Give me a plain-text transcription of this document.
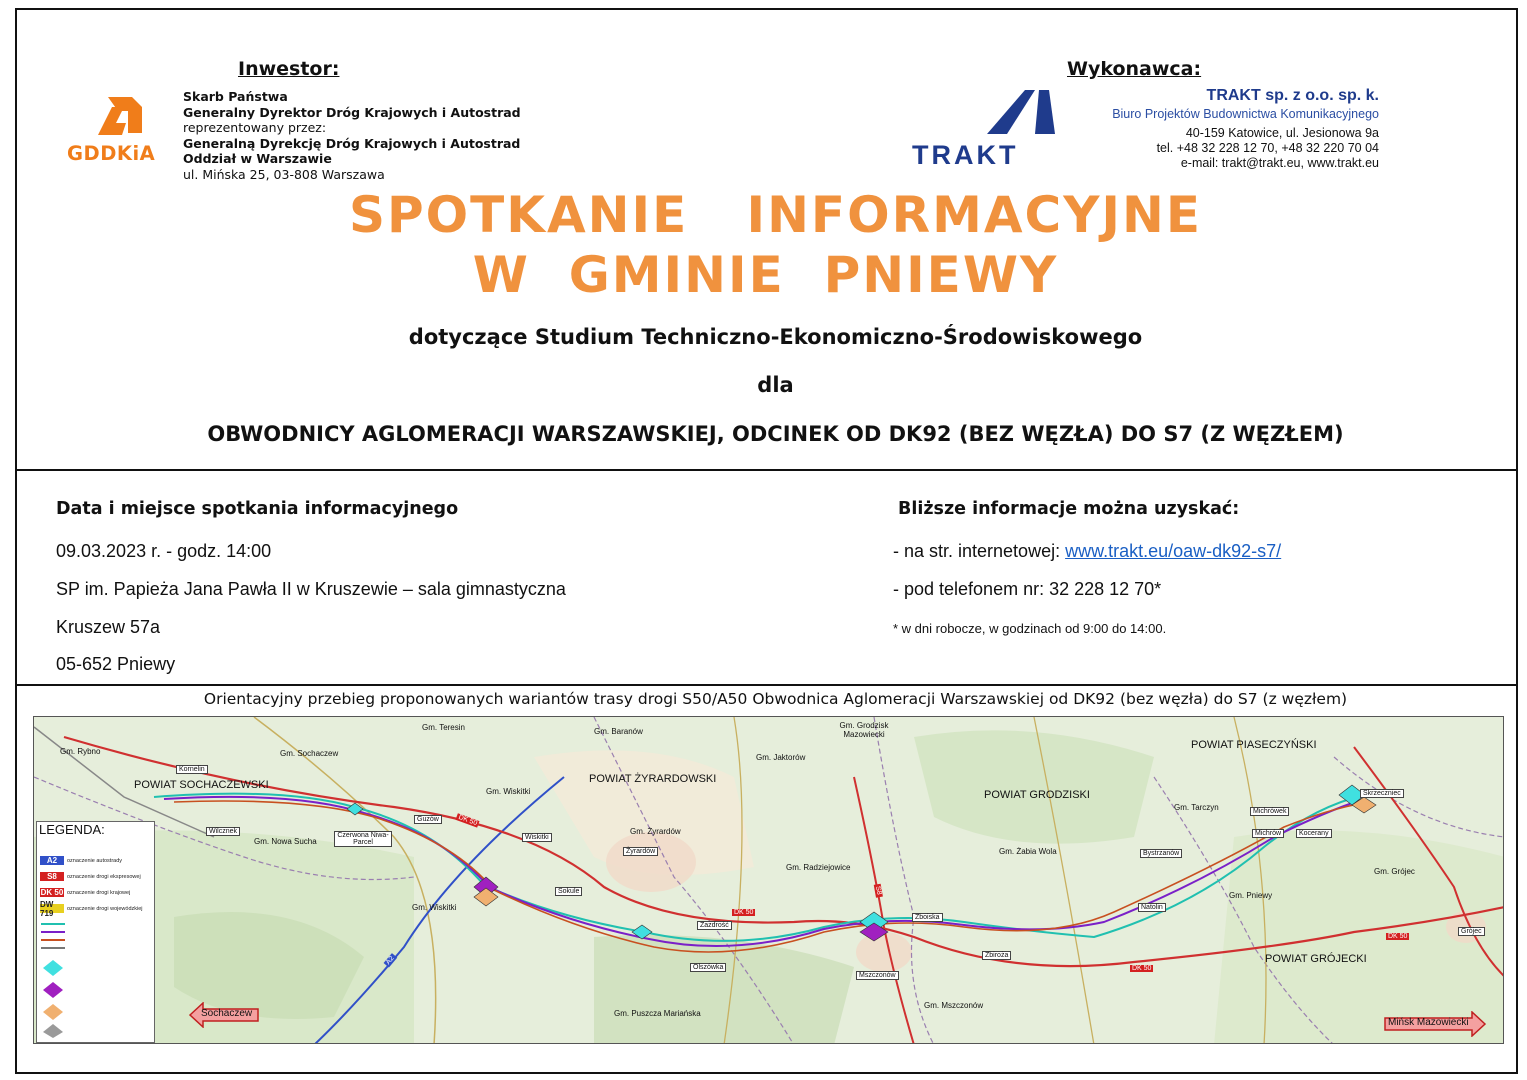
Inwestor:
GDDKiA
Skarb Państwa
Generalny Dyrektor Dróg Krajowych i Autostrad
reprezentowany przez:
Generalną Dyrekcję Dróg Krajowych i Autostrad
Oddział w Warszawie
ul. Mińska 25, 03-808 Warszawa
Wykonawca:
TRAKT
TRAKT sp. z o.o. sp. k.
Biuro Projektów Budownictwa Komunikacyjnego
40-159 Katowice, ul. Jesionowa 9a
tel. +48 32 228 12 70, +48 32 220 70 04
e-mail: trakt@trakt.eu, www.trakt.eu
SPOTKANIE   INFORMACYJNE
W  GMINIE  PNIEWY
dotyczące Studium Techniczno-Ekonomiczno-Środowiskowego
dla
OBWODNICY AGLOMERACJI WARSZAWSKIEJ, ODCINEK OD DK92 (BEZ WĘZŁA) DO S7 (Z WĘZŁEM)
Data i miejsce spotkania informacyjnego
09.03.2023 r. - godz. 14:00
SP im. Papieża Jana Pawła II w Kruszewie – sala gimnastyczna
Kruszew 57a
05-652 Pniewy
Bliższe informacje można uzyskać:
- na str. internetowej: www.trakt.eu/oaw-dk92-s7/
- pod telefonem nr: 32 228 12 70*
* w dni robocze, w godzinach od 9:00 do 14:00.
Orientacyjny przebieg proponowanych wariantów trasy drogi S50/A50 Obwodnica Aglomeracji Warszawskiej od DK92 (bez węzła) do S7 (z węzłem)
POWIAT SOCHACZEWSKI	POWIAT ŻYRARDOWSKI
POWIAT GRODZISKI
POWIAT PIASECZYŃSKI
POWIAT GRÓJECKI
Gm. Rybno	Gm. Sochaczew
Gm. Teresin	Gm. Baranów
Gm. Grodzisk Mazowiecki
Gm. Jaktorów
Gm. Wiskitki
Gm. Nowa Sucha
Gm. Wiskitki
Gm. Żyrardów
Gm. Radziejowice
Gm. Żabia Wola
Gm. Tarczyn
Gm. Grójec
Gm. Pniewy
Gm. Puszcza Mariańska
Gm. Mszczonów
Kornelin
Wilcznek
Czerwona Niwa-Parcel
Guzów
Wiskitki
Sokule
Żyrardów
Zazdrość
Olszówka
Mszczonów
Zboiska
Zbiroża
Bystrzanów
Michrówek
Michrów	Kocerany
Natolin
Skrzeczniec
Grójec
DK 50
DK 50
DK 50
DK 50
S8
A2
LEGENDA:
A2	oznaczenie autostrady
S8	oznaczenie drogi ekspresowej
DK 50 oznaczenie drogi krajowej
DW 719	oznaczenie drogi wojewódzkiej
Sochaczew
Mińsk Mazowiecki
